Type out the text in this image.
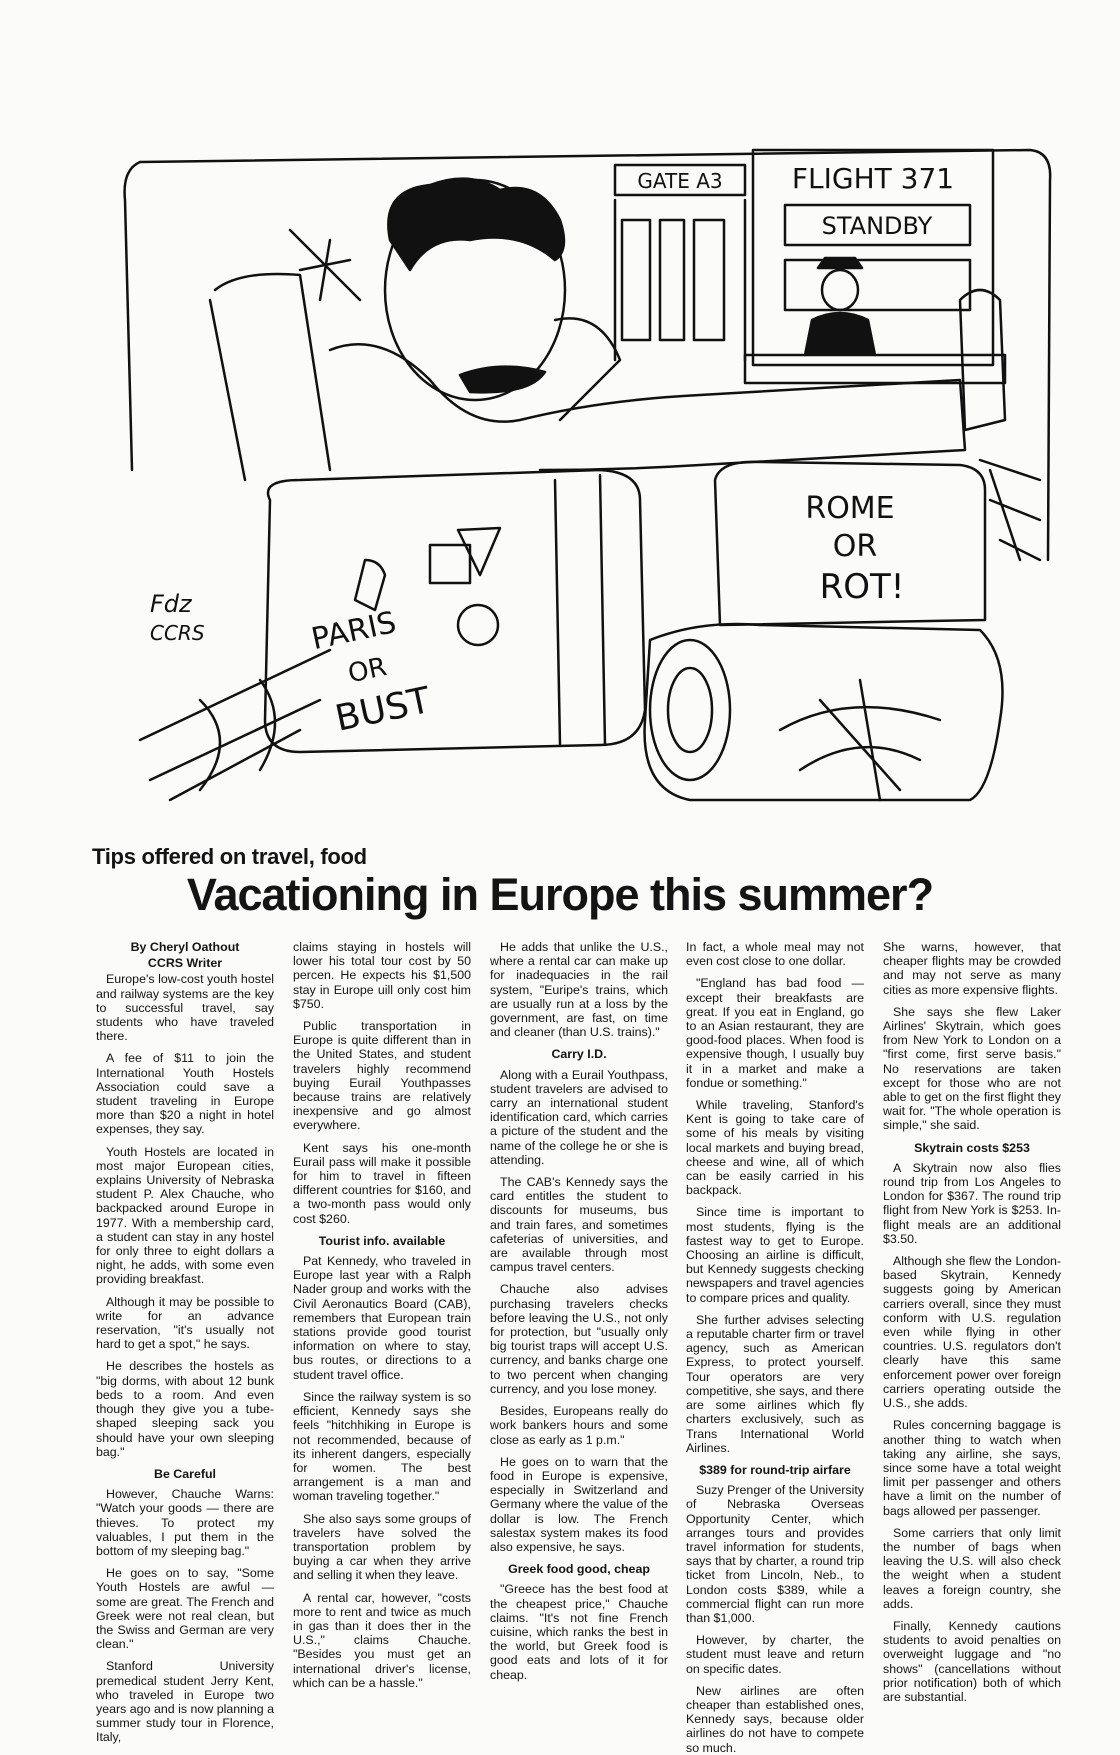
GATE A3 FLIGHT 371
STANDBY
ROME
OR
ROT!
PARIS
OR
BUST
Fdz
CCRS
Tips offered on travel, food
Vacationing in Europe this summer?
By Cheryl Oathout
CCRS Writer

Europe's low-cost youth hostel and railway systems are the key to successful travel, say students who have traveled there.

A fee of $11 to join the International Youth Hostels Association could save a student traveling in Europe more than $20 a night in hotel expenses, they say.

Youth Hostels are located in most major European cities, explains University of Nebraska student P. Alex Chauche, who backpacked around Europe in 1977. With a membership card, a student can stay in any hostel for only three to eight dollars a night, he adds, with some even providing breakfast.

Although it may be possible to write for an advance reservation, "it's usually not hard to get a spot," he says.

He describes the hostels as "big dorms, with about 12 bunk beds to a room. And even though they give you a tube-shaped sleeping sack you should have your own sleeping bag."

Be Careful

However, Chauche Warns: "Watch your goods — there are thieves. To protect my valuables, I put them in the bottom of my sleeping bag."

He goes on to say, "Some Youth Hostels are awful — some are great. The French and Greek were not real clean, but the Swiss and German are very clean."

Stanford University premedical student Jerry Kent, who traveled in Europe two years ago and is now planning a summer study tour in Florence, Italy,

claims staying in hostels will lower his total tour cost by 50 percen. He expects his $1,500 stay in Europe uill only cost him $750.

Public transportation in Europe is quite different than in the United States, and student travelers highly recommend buying Eurail Youthpasses because trains are relatively inexpensive and go almost everywhere.

Kent says his one-month Eurail pass will make it possible for him to travel in fifteen different countries for $160, and a two-month pass would only cost $260.

Tourist info. available

Pat Kennedy, who traveled in Europe last year with a Ralph Nader group and works with the Civil Aeronautics Board (CAB), remembers that European train stations provide good tourist information on where to stay, bus routes, or directions to a student travel office.

Since the railway system is so efficient, Kennedy says she feels "hitchhiking in Europe is not recommended, because of its inherent dangers, especially for women. The best arrangement is a man and woman traveling together."

She also says some groups of travelers have solved the transportation problem by buying a car when they arrive and selling it when they leave.

A rental car, however, "costs more to rent and twice as much in gas than it does ther in the U.S.," claims Chauche. "Besides you must get an international driver's license, which can be a hassle."

He adds that unlike the U.S., where a rental car can make up for inadequacies in the rail system, "Euripe's trains, which are usually run at a loss by the government, are fast, on time and cleaner (than U.S. trains)."

Carry I.D.

Along with a Eurail Youthpass, student travelers are advised to carry an international student identification card, which carries a picture of the student and the name of the college he or she is attending.

The CAB's Kennedy says the card entitles the student to discounts for museums, bus and train fares, and sometimes cafeterias of universities, and are available through most campus travel centers.

Chauche also advises purchasing travelers checks before leaving the U.S., not only for protection, but "usually only big tourist traps will accept U.S. currency, and banks charge one to two percent when changing currency, and you lose money.

Besides, Europeans really do work bankers hours and some close as early as 1 p.m."

He goes on to warn that the food in Europe is expensive, especially in Switzerland and Germany where the value of the dollar is low. The French salestax system makes its food also expensive, he says.

Greek food good, cheap

"Greece has the best food at the cheapest price," Chauche claims. "It's not fine French cuisine, which ranks the best in the world, but Greek food is good eats and lots of it for cheap.

In fact, a whole meal may not even cost close to one dollar.

"England has bad food — except their breakfasts are great. If you eat in England, go to an Asian restaurant, they are good-food places. When food is expensive though, I usually buy it in a market and make a fondue or something."

While traveling, Stanford's Kent is going to take care of some of his meals by visiting local markets and buying bread, cheese and wine, all of which can be easily carried in his backpack.

Since time is important to most students, flying is the fastest way to get to Europe. Choosing an airline is difficult, but Kennedy suggests checking newspapers and travel agencies to compare prices and quality.

She further advises selecting a reputable charter firm or travel agency, such as American Express, to protect yourself. Tour operators are very competitive, she says, and there are some airlines which fly charters exclusively, such as Trans International World Airlines.

$389 for round-trip airfare

Suzy Prenger of the University of Nebraska Overseas Opportunity Center, which arranges tours and provides travel information for students, says that by charter, a round trip ticket from Lincoln, Neb., to London costs $389, while a commercial flight can run more than $1,000.

However, by charter, the student must leave and return on specific dates.

New airlines are often cheaper than established ones, Kennedy says, because older airlines do not have to compete so much.

She warns, however, that cheaper flights may be crowded and may not serve as many cities as more expensive flights.

She says she flew Laker Airlines' Skytrain, which goes from New York to London on a "first come, first serve basis." No reservations are taken except for those who are not able to get on the first flight they wait for. "The whole operation is simple," she said.

Skytrain costs $253

A Skytrain now also flies round trip from Los Angeles to London for $367. The round trip flight from New York is $253. In-flight meals are an additional $3.50.

Although she flew the London-based Skytrain, Kennedy suggests going by American carriers overall, since they must conform with U.S. regulation even while flying in other countries. U.S. regulators don't clearly have this same enforcement power over foreign carriers operating outside the U.S., she adds.

Rules concerning baggage is another thing to watch when taking any airline, she says, since some have a total weight limit per passenger and others have a limit on the number of bags allowed per passenger.

Some carriers that only limit the number of bags when leaving the U.S. will also check the weight when a student leaves a foreign country, she adds.

Finally, Kennedy cautions students to avoid penalties on overweight luggage and "no shows" (cancellations without prior notification) both of which are substantial.
